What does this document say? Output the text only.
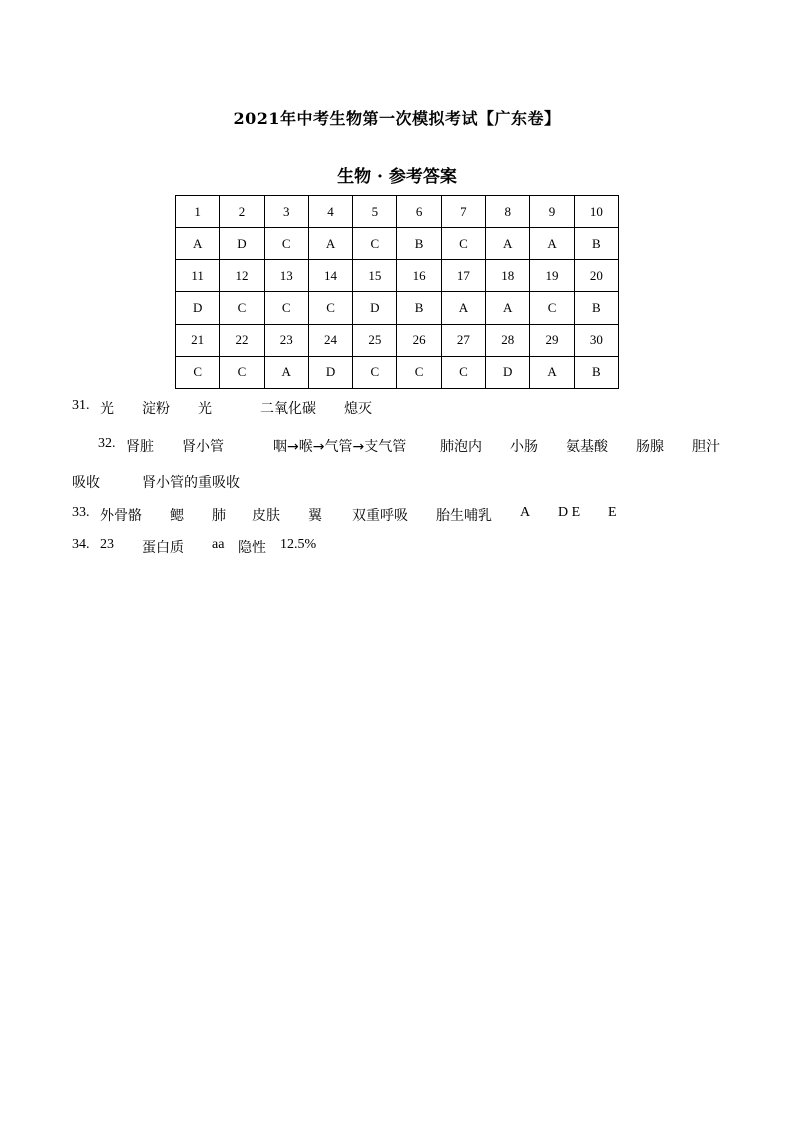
2021年中考生物第一次模拟考试【广东卷】
生物 · 参考答案
1	2	3	4	5	6	7	8	9	10
A	D	C	A	C	B	C	A	A	B
11	12	13	14	15	16	17	18	19	20
D	C	C	C	D	B	A	A	C	B
21	22	23	24	25	26	27	28	29	30
C	C	A	D	C	C	C	D	A	B
31. 光 淀粉 光	二氧化碳 熄灭
32. 肾脏 肾小管	咽→喉→气管→支气管 肺泡内 小肠 氨基酸 肠腺 胆汁
吸收	肾小管的重吸收
33. 外骨骼 鳃 肺 皮肤 翼 双重呼吸 胎生哺乳 A D E E
34. 23 蛋白质 aa 隐性 12.5%
